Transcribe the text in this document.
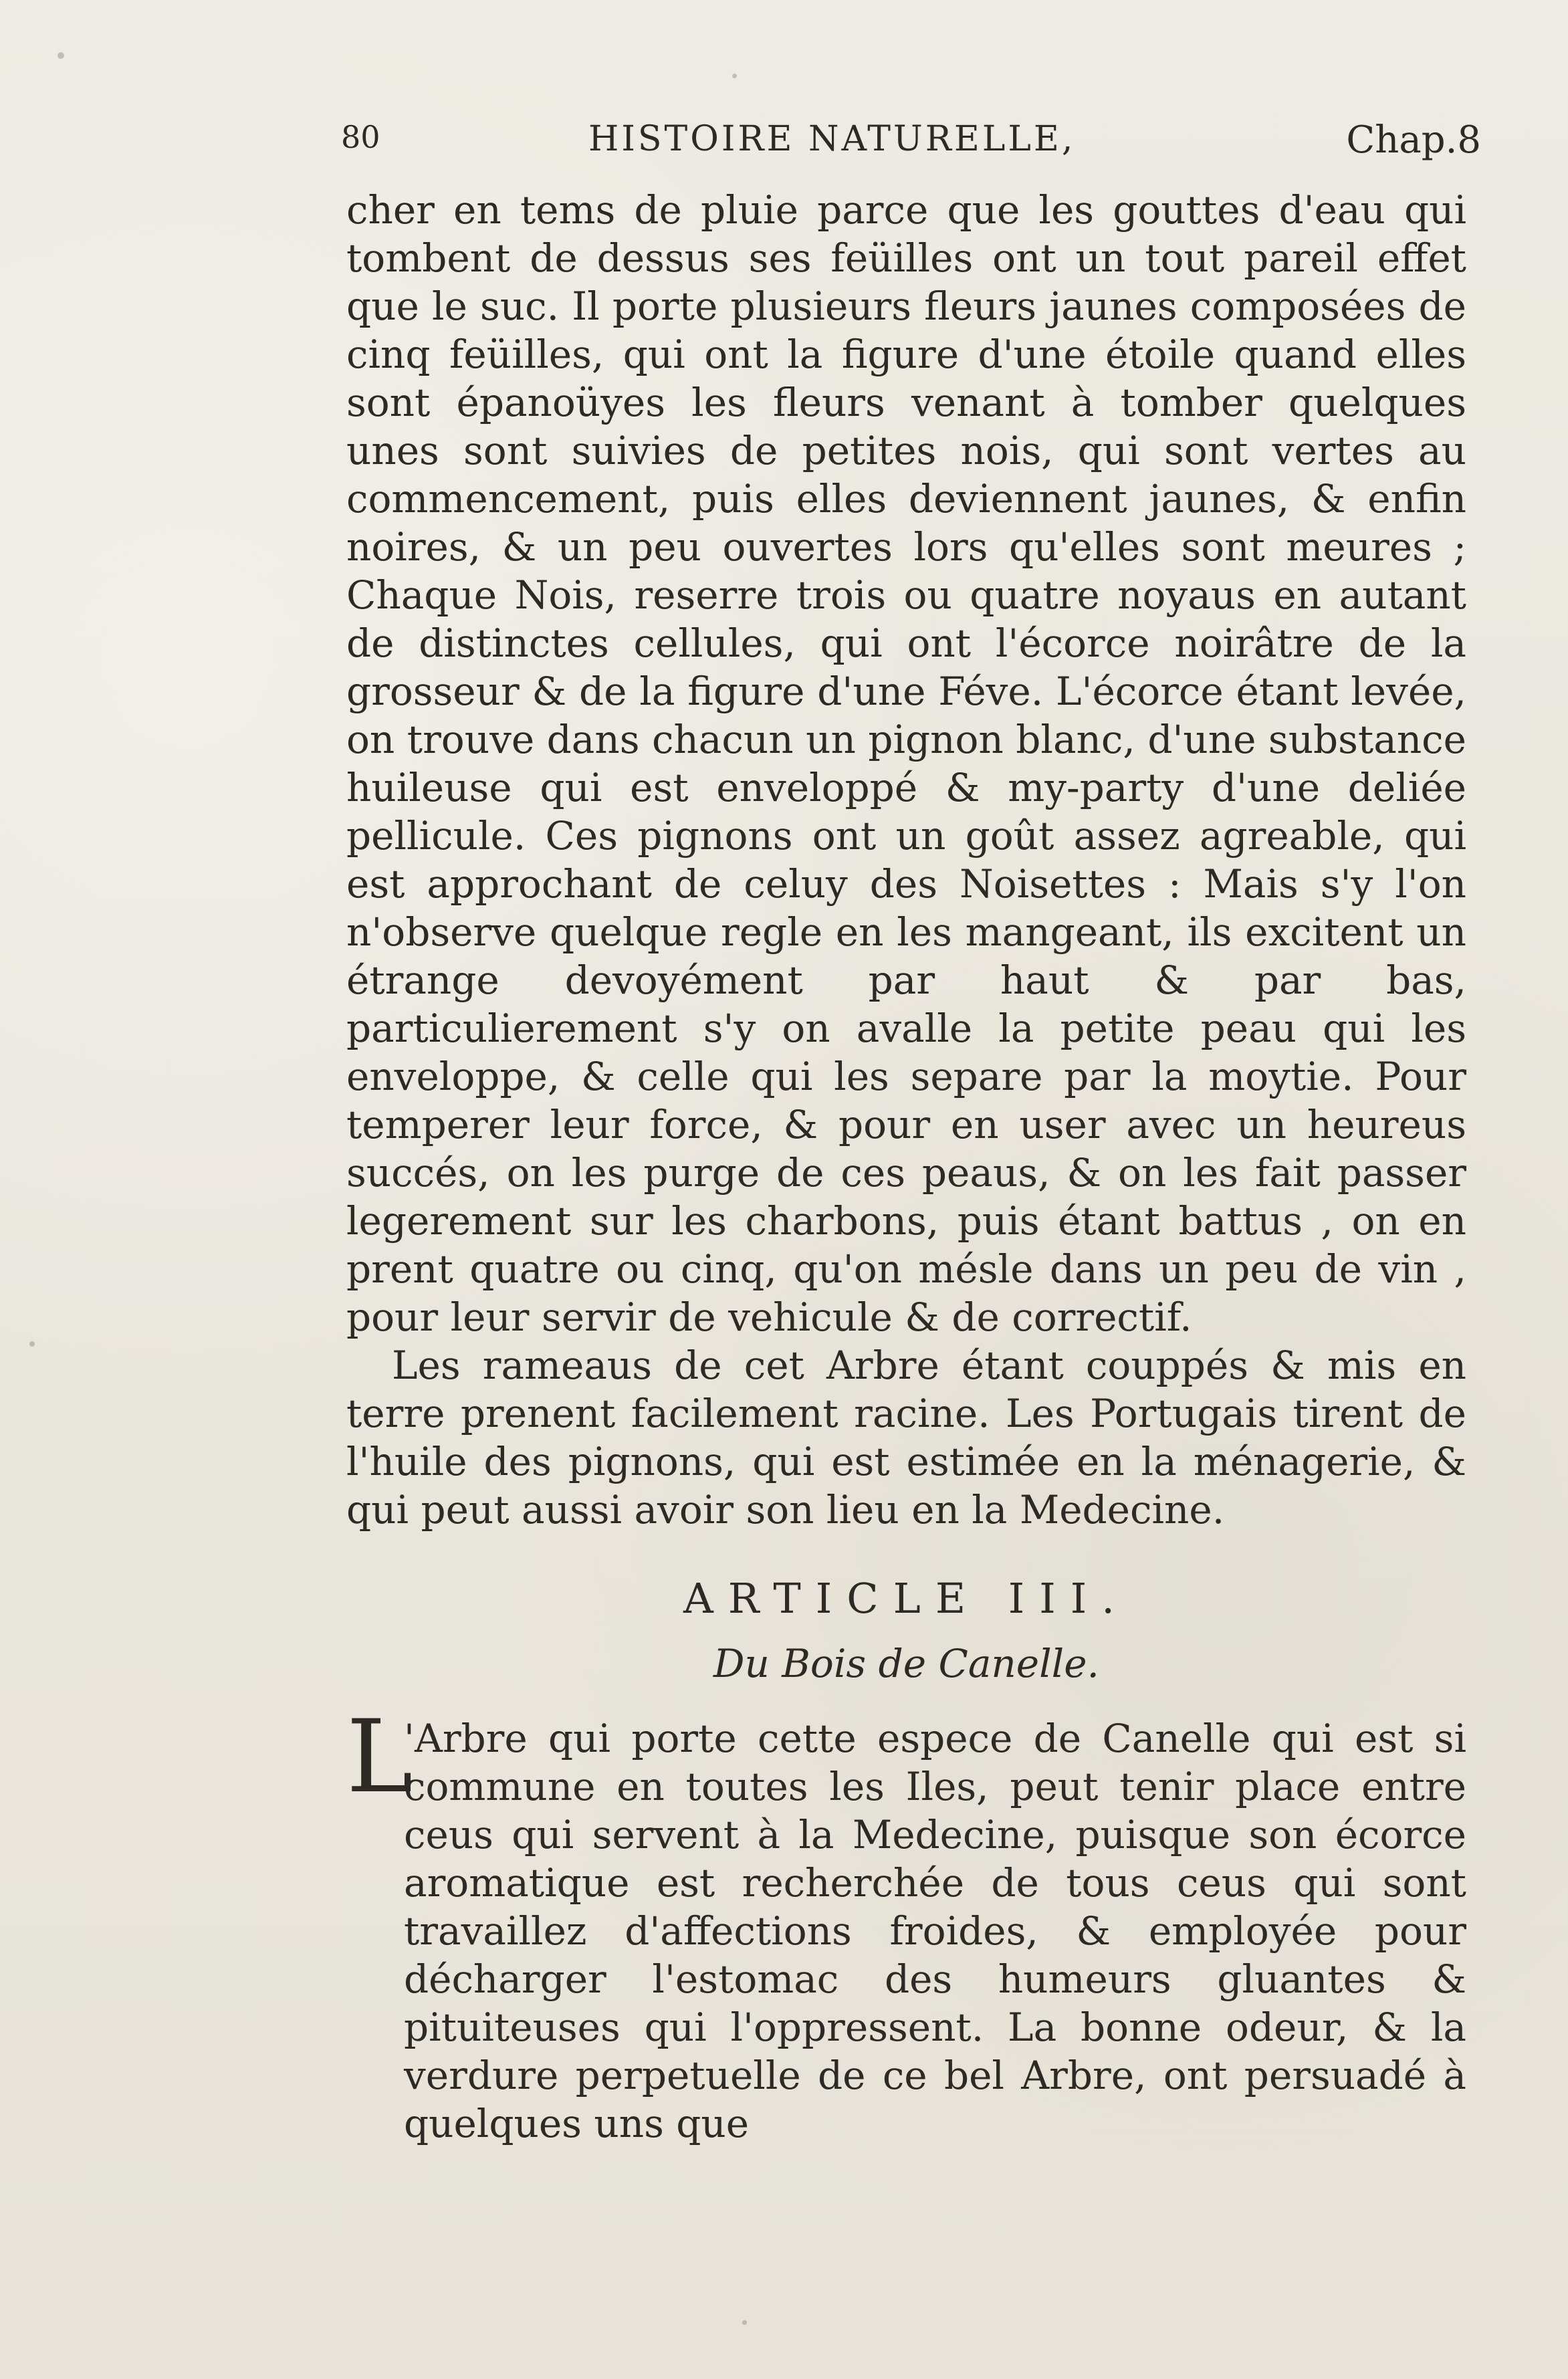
80	HISTOIRE NATURELLE,	Chap.8

cher en tems de pluie parce que les gouttes d'eau qui tombent de dessus ses feüilles ont un tout pareil effet que le suc. Il porte plusieurs fleurs jaunes composées de cinq feüilles, qui ont la figure d'une étoile quand elles sont épanoüyes les fleurs venant à tomber quelques unes sont suivies de petites nois, qui sont vertes au commencement, puis elles deviennent jaunes, & enfin noires, & un peu ouvertes lors qu'elles sont meures ; Chaque Nois, reserre trois ou quatre noyaus en autant de distinctes cellules, qui ont l'écorce noirâtre de la grosseur & de la figure d'une Féve. L'écorce étant levée, on trouve dans chacun un pignon blanc, d'une substance huileuse qui est enveloppé & my-party d'une deliée pellicule. Ces pignons ont un goût assez agreable, qui est approchant de celuy des Noisettes : Mais s'y l'on n'observe quelque regle en les mangeant, ils excitent un étrange devoyément par haut & par bas, particulierement s'y on avalle la petite peau qui les enveloppe, & celle qui les separe par la moytie. Pour temperer leur force, & pour en user avec un heureus succés, on les purge de ces peaus, & on les fait passer legerement sur les charbons, puis étant battus , on en prent quatre ou cinq, qu'on mésle dans un peu de vin , pour leur servir de vehicule & de correctif.

Les rameaus de cet Arbre étant couppés & mis en terre prenent facilement racine. Les Portugais tirent de l'huile des pignons, qui est estimée en la ménagerie, & qui peut aussi avoir son lieu en la Medecine.

ARTICLE III.
Du Bois de Canelle.

L
'Arbre qui porte cette espece de Canelle qui est si commune en toutes les Iles, peut tenir place entre ceus qui servent à la Medecine, puisque son écorce aromatique est recherchée de tous ceus qui sont travaillez d'affections froides, & employée pour décharger l'estomac des humeurs gluantes & pituiteuses qui l'oppressent. La bonne odeur, & la verdure perpetuelle de ce bel Arbre, ont persuadé à quelques uns que
